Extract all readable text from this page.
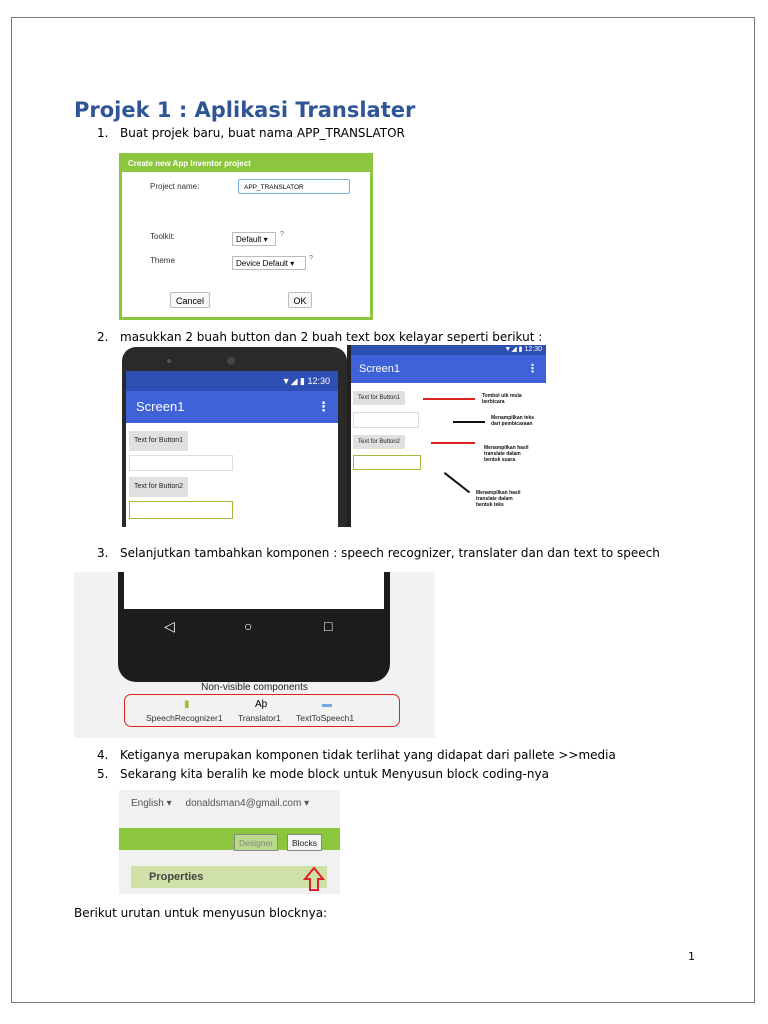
Projek 1 : Aplikasi Translater
1. Buat projek baru, buat nama APP_TRANSLATOR
Create new App Inventor project
Project name:	APP_TRANSLATOR
Toolkit:	Default ▾
?
Theme	Device Default ▾
?
Cancel	OK
2. masukkan 2 buah button dan 2 buah text box kelayar seperti berikut :
▼◢ ▮ 12:30
Screen1	⋮
Text for Button1
Text for Button2
▼◢ ▮ 12:30
Screen1	⋮
Text for Button1
Text for Button2
Tombol utk mula berbicara
Menampilkan teks dari pembicaraan
Menampilkan hasil translate dalam bentuk suara
Menampilkan hasil translate dalam bentuk teks
3. Selanjutkan tambahkan komponen : speech recognizer, translater dan dan text to speech
◁	○	□
Non-visible components
▮	Aϸ	▬
SpeechRecognizer1 Translator1 TextToSpeech1
4. Ketiganya merupakan komponen tidak terlihat yang didapat dari pallete >>media
5. Sekarang kita beralih ke mode block untuk Menyusun block coding-nya
English ▾ donaldsman4@gmail.com ▾
Designer	Blocks
Properties
Berikut urutan untuk menyusun blocknya:
1
